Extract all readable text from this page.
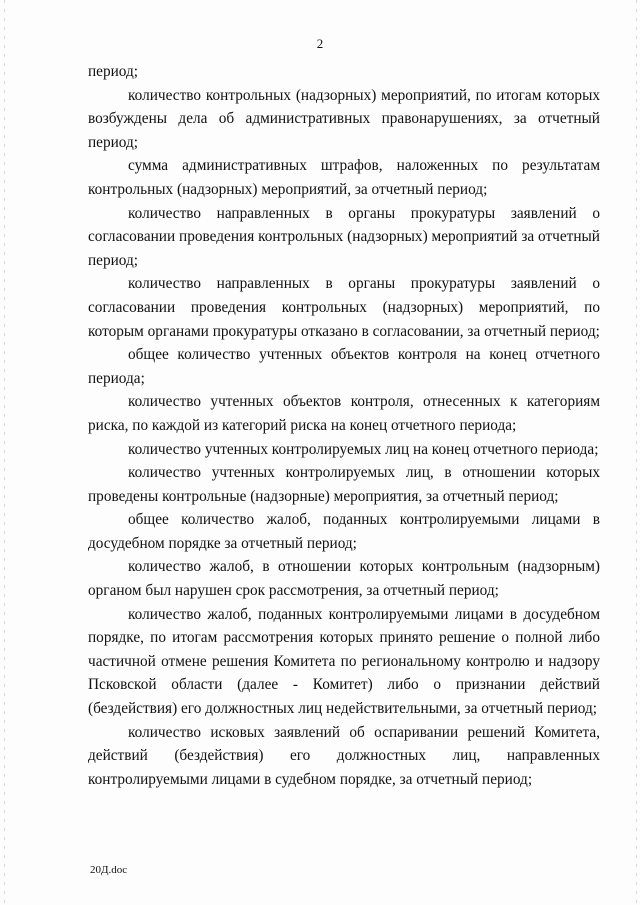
2

период;

количество контрольных (надзорных) мероприятий, по итогам которых возбуждены дела об административных правонарушениях, за отчетный период;

сумма административных штрафов, наложенных по результатам контрольных (надзорных) мероприятий, за отчетный период;

количество направленных в органы прокуратуры заявлений о согласовании проведения контрольных (надзорных) мероприятий за отчетный период;

количество направленных в органы прокуратуры заявлений о согласовании проведения контрольных (надзорных) мероприятий, по которым органами прокуратуры отказано в согласовании, за отчетный период;

общее количество учтенных объектов контроля на конец отчетного периода;

количество учтенных объектов контроля, отнесенных к категориям риска, по каждой из категорий риска на конец отчетного периода;

количество учтенных контролируемых лиц на конец отчетного периода;

количество учтенных контролируемых лиц, в отношении которых проведены контрольные (надзорные) мероприятия, за отчетный период;

общее количество жалоб, поданных контролируемыми лицами в досудебном порядке за отчетный период;

количество жалоб, в отношении которых контрольным (надзорным) органом был нарушен срок рассмотрения, за отчетный период;

количество жалоб, поданных контролируемыми лицами в досудебном порядке, по итогам рассмотрения которых принято решение о полной либо частичной отмене решения Комитета по региональному контролю и надзору Псковской области (далее - Комитет) либо о признании действий (бездействия) его должностных лиц недействительными, за отчетный период;

количество исковых заявлений об оспаривании решений Комитета, действий (бездействия) его должностных лиц, направленных контролируемыми лицами в судебном порядке, за отчетный период;

20Д.doc
